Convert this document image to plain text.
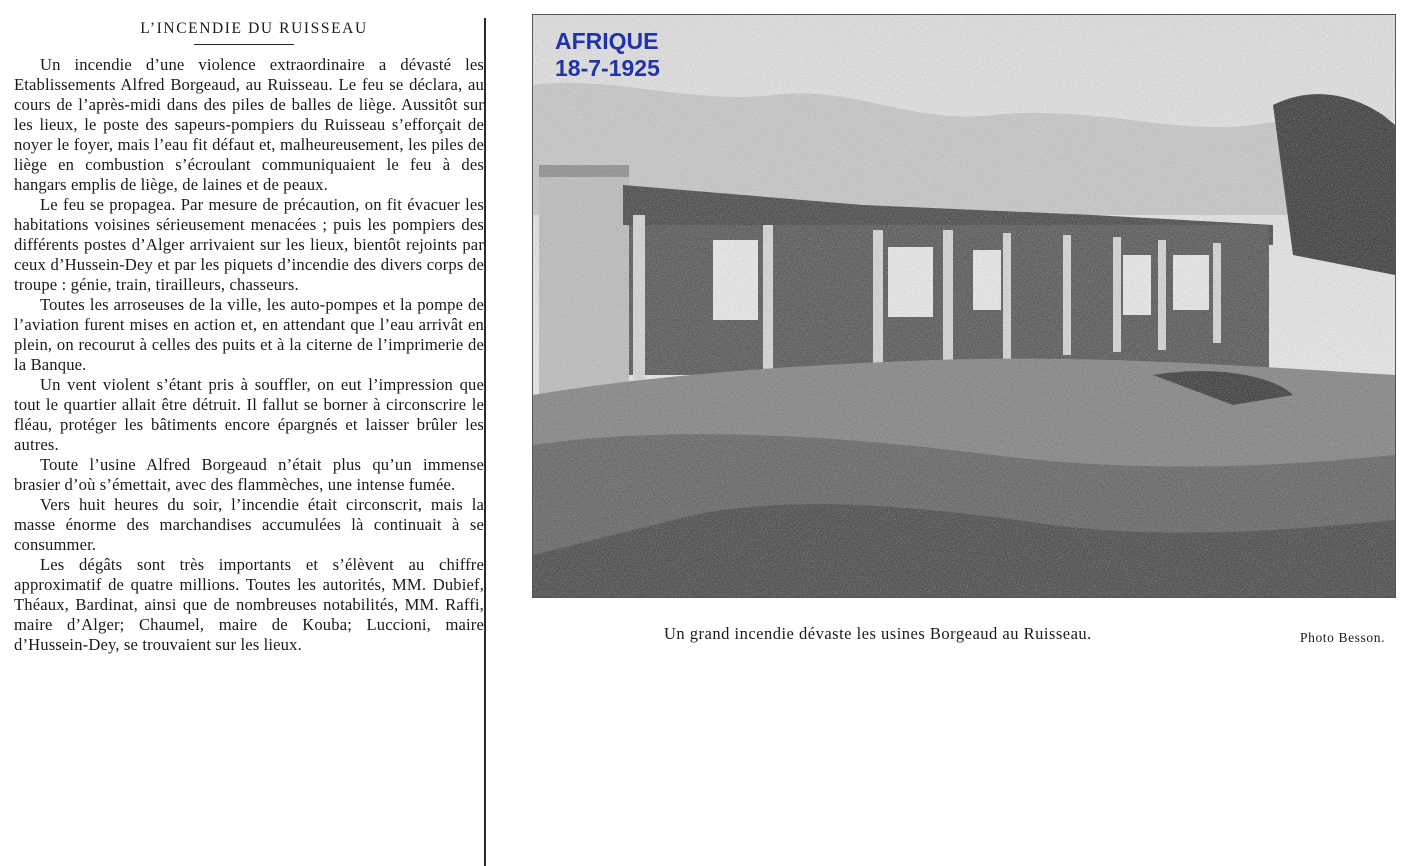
L’INCENDIE DU RUISSEAU

Un incendie d’une violence extraordinaire a dévasté les Etablissements Alfred Borgeaud, au Ruisseau. Le feu se déclara, au cours de l’après-midi dans des piles de balles de liège. Aussitôt sur les lieux, le poste des sapeurs-pompiers du Ruisseau s’efforçait de noyer le foyer, mais l’eau fit défaut et, malheureusement, les piles de liège en combustion s’écroulant communiquaient le feu à des hangars emplis de liège, de laines et de peaux.

Le feu se propagea. Par mesure de précaution, on fit évacuer les habitations voisines sérieusement menacées ; puis les pompiers des différents postes d’Alger arrivaient sur les lieux, bientôt rejoints par ceux d’Hussein-Dey et par les piquets d’incendie des divers corps de troupe : génie, train, tirailleurs, chasseurs.

Toutes les arroseuses de la ville, les auto-pompes et la pompe de l’aviation furent mises en action et, en attendant que l’eau arrivât en plein, on recourut à celles des puits et à la citerne de l’imprimerie de la Banque.

Un vent violent s’étant pris à souffler, on eut l’impression que tout le quartier allait être détruit. Il fallut se borner à circonscrire le fléau, protéger les bâtiments encore épargnés et laisser brûler les autres.

Toute l’usine Alfred Borgeaud n’était plus qu’un immense brasier d’où s’émettait, avec des flammèches, une intense fumée.

Vers huit heures du soir, l’incendie était circonscrit, mais la masse énorme des marchandises accumulées là continuait à se consummer.

Les dégâts sont très importants et s’élèvent au chiffre approximatif de quatre millions. Toutes les autorités, MM. Dubief, Théaux, Bardinat, ainsi que de nombreuses notabilités, MM. Raffi, maire d’Alger; Chaumel, maire de Kouba; Luccioni, maire d’Hussein-Dey, se trouvaient sur les lieux.

AFRIQUE
18-7-1925
Un grand incendie dévaste les usines Borgeaud au Ruisseau.	Photo Besson.
